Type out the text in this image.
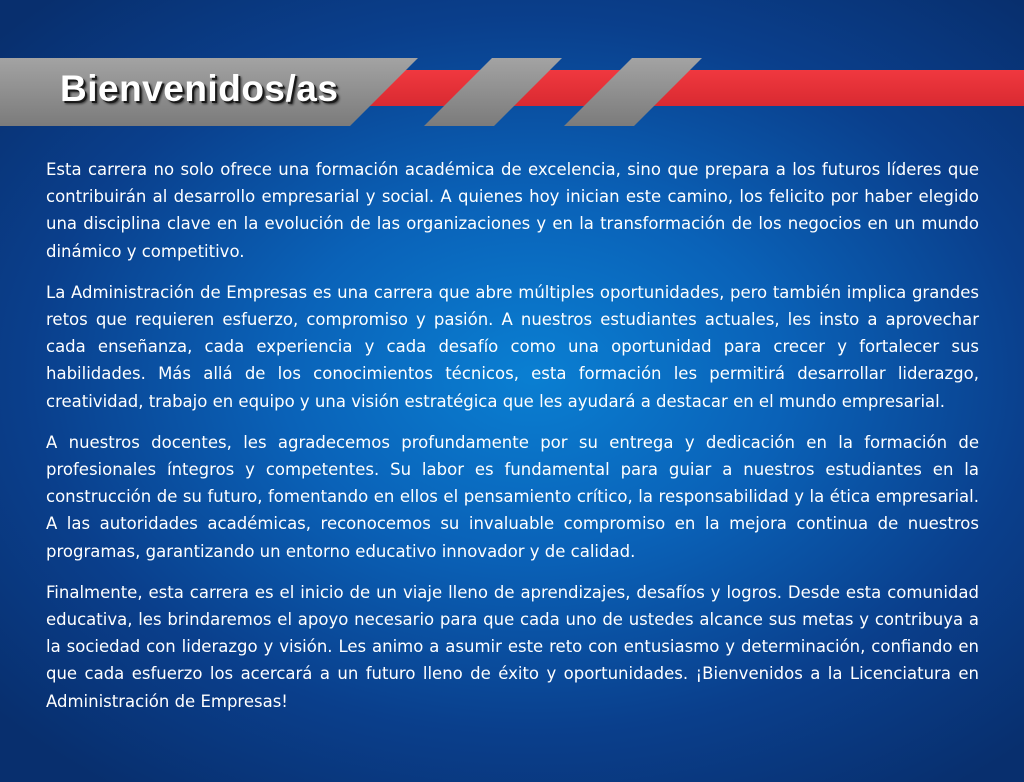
Bienvenidos/as

Esta carrera no solo ofrece una formación académica de excelencia, sino que prepara a los futuros líderes que contribuirán al desarrollo empresarial y social. A quienes hoy inician este camino, los felicito por haber elegido una disciplina clave en la evolución de las organizaciones y en la transformación de los negocios en un mundo dinámico y competitivo.

La Administración de Empresas es una carrera que abre múltiples oportunidades, pero también implica grandes retos que requieren esfuerzo, compromiso y pasión. A nuestros estudiantes actuales, les insto a aprovechar cada enseñanza, cada experiencia y cada desafío como una oportunidad para crecer y fortalecer sus habilidades. Más allá de los conocimientos técnicos, esta formación les permitirá desarrollar liderazgo, creatividad, trabajo en equipo y una visión estratégica que les ayudará a destacar en el mundo empresarial.

A nuestros docentes, les agradecemos profundamente por su entrega y dedicación en la formación de profesionales íntegros y competentes. Su labor es fundamental para guiar a nuestros estudiantes en la construcción de su futuro, fomentando en ellos el pensamiento crítico, la responsabilidad y la ética empresarial. A las autoridades académicas, reconocemos su invaluable compromiso en la mejora continua de nuestros programas, garantizando un entorno educativo innovador y de calidad.

Finalmente, esta carrera es el inicio de un viaje lleno de aprendizajes, desafíos y logros. Desde esta comunidad educativa, les brindaremos el apoyo necesario para que cada uno de ustedes alcance sus metas y contribuya a la sociedad con liderazgo y visión. Les animo a asumir este reto con entusiasmo y determinación, confiando en que cada esfuerzo los acercará a un futuro lleno de éxito y oportunidades. ¡Bienvenidos a la Licenciatura en Administración de Empresas!
